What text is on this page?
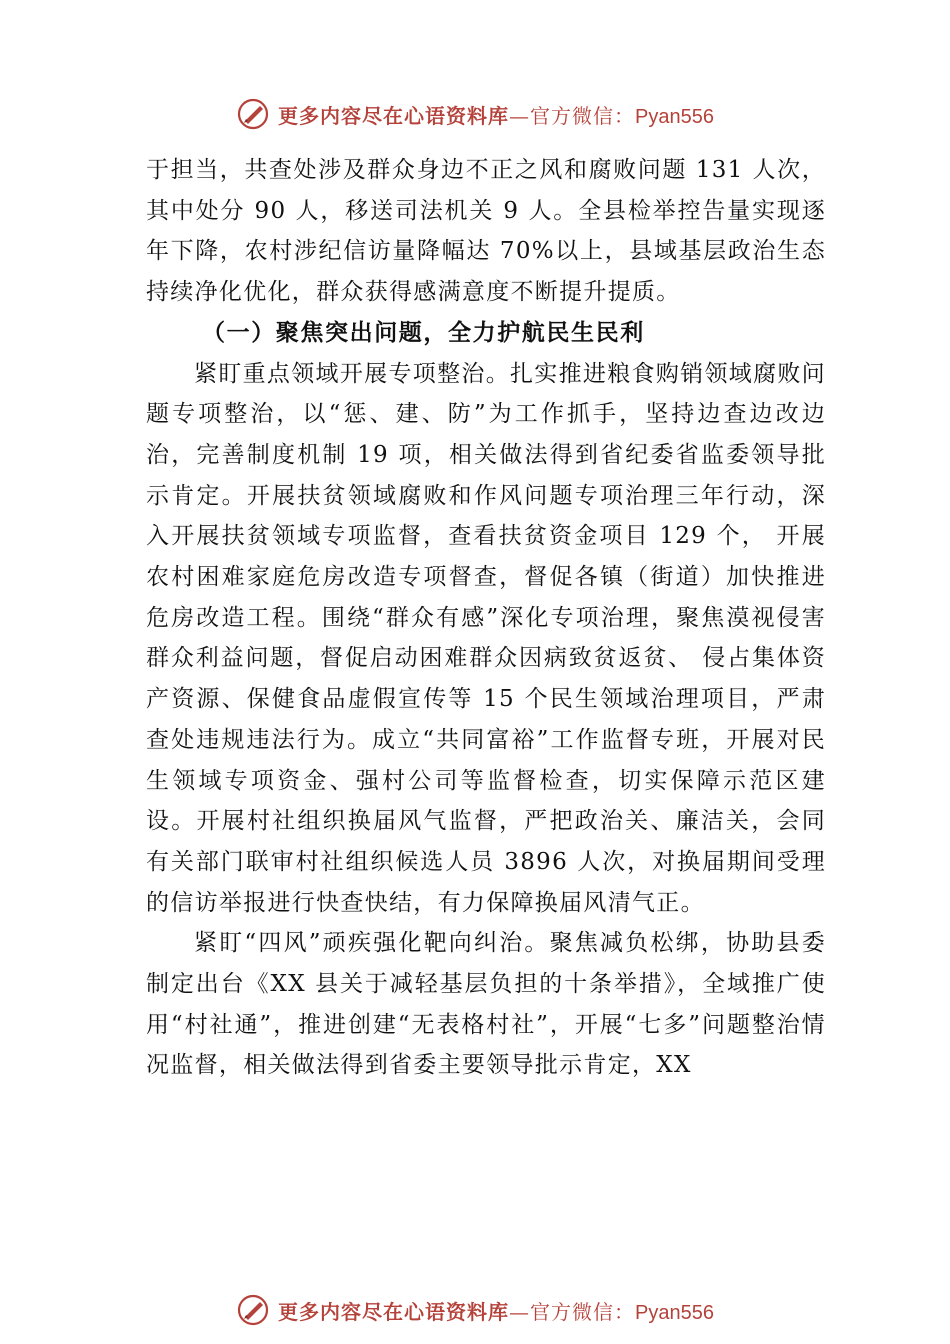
更多内容尽在心语资料库—官方微信：Pyan556

于担当，共查处涉及群众身边不正之风和腐败问题 131 人次，其中处分 90 人，移送司法机关 9 人。全县检举控告量实现逐年下降，农村涉纪信访量降幅达 70%以上，县域基层政治生态持续净化优化，群众获得感满意度不断提升提质。

（一）聚焦突出问题，全力护航民生民利

紧盯重点领域开展专项整治。扎实推进粮食购销领域腐败问题专项整治，以“惩、建、防”为工作抓手，坚持边查边改边治，完善制度机制 19 项，相关做法得到省纪委省监委领导批示肯定。开展扶贫领域腐败和作风问题专项治理三年行动，深入开展扶贫领域专项监督，查看扶贫资金项目 129 个， 开展农村困难家庭危房改造专项督查，督促各镇（街道）加快推进危房改造工程。围绕“群众有感”深化专项治理，聚焦漠视侵害群众利益问题，督促启动困难群众因病致贫返贫、 侵占集体资产资源、保健食品虚假宣传等 15 个民生领域治理项目，严肃查处违规违法行为。成立“共同富裕”工作监督专班，开展对民生领域专项资金、强村公司等监督检查，切实保障示范区建设。开展村社组织换届风气监督，严把政治关、廉洁关，会同有关部门联审村社组织候选人员 3896 人次，对换届期间受理的信访举报进行快查快结，有力保障换届风清气正。

紧盯“四风”顽疾强化靶向纠治。聚焦减负松绑，协助县委制定出台《XX 县关于减轻基层负担的十条举措》，全域推广使用“村社通”，推进创建“无表格村社”，开展“七多”问题整治情况监督，相关做法得到省委主要领导批示肯定，XX

更多内容尽在心语资料库—官方微信：Pyan556
